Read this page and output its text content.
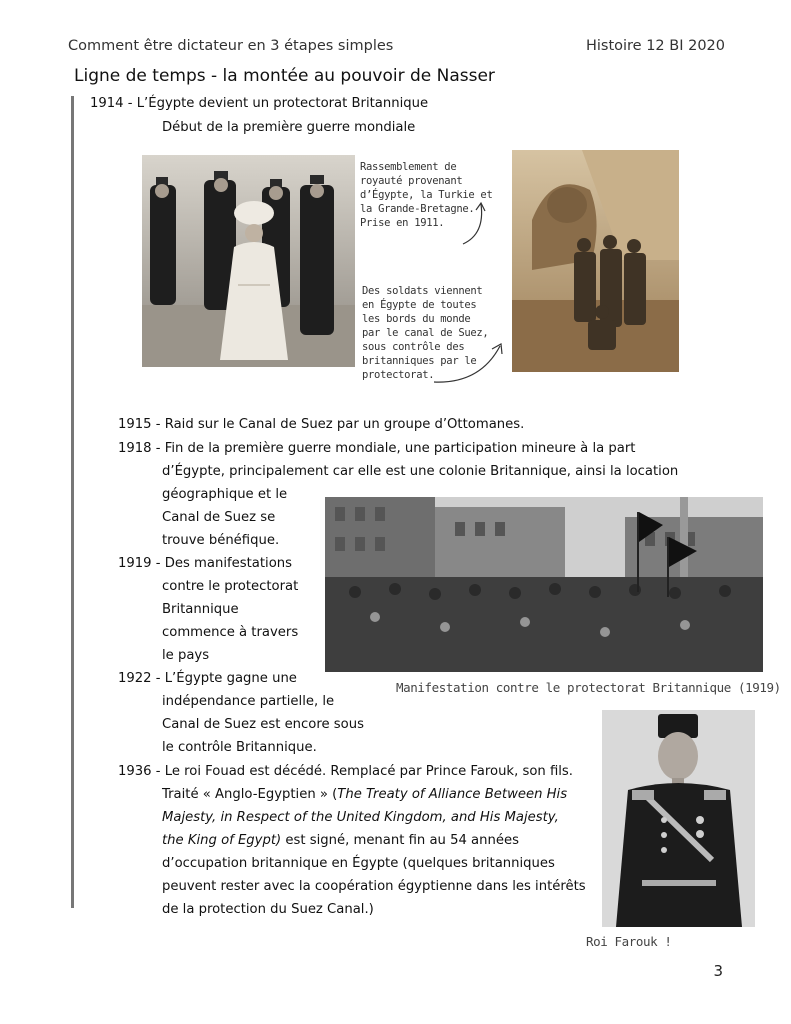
Comment être dictateur en 3 étapes simples	Histoire 12 BI 2020
Ligne de temps - la montée au pouvoir de Nasser
1914 - L’Égypte devient un protectorat Britannique
Début de la première guerre mondiale
Rassemblement de
royauté provenant
d’Égypte, la Turkie et
la Grande-Bretagne.
Prise en 1911.
Des soldats viennent
en Égypte de toutes
les bords du monde
par le canal de Suez,
sous contrôle des
britanniques par le
protectorat.
1915 - Raid sur le Canal de Suez par un groupe d’Ottomanes.
1918 - Fin de la première guerre mondiale, une participation mineure à la part
d’Égypte, principalement car elle est une colonie Britannique, ainsi la location
géographique et le
Canal de Suez se
trouve bénéfique.
1919 - Des manifestations
contre le protectorat
Britannique
commence à travers
le pays
Manifestation contre le protectorat Britannique (1919)
1922 - L’Égypte gagne une
indépendance partielle, le
Canal de Suez est encore sous
le contrôle Britannique.
Roi Farouk !
1936 - Le roi Fouad est décédé. Remplacé par Prince Farouk, son fils.
Traité « Anglo-Egyptien » (The Treaty of Alliance Between His
Majesty, in Respect of the United Kingdom, and His Majesty,
the King of Egypt) est signé, menant fin au 54 années
d’occupation britannique en Égypte (quelques britanniques
peuvent rester avec la coopération égyptienne dans les intérêts
de la protection du Suez Canal.)
3
